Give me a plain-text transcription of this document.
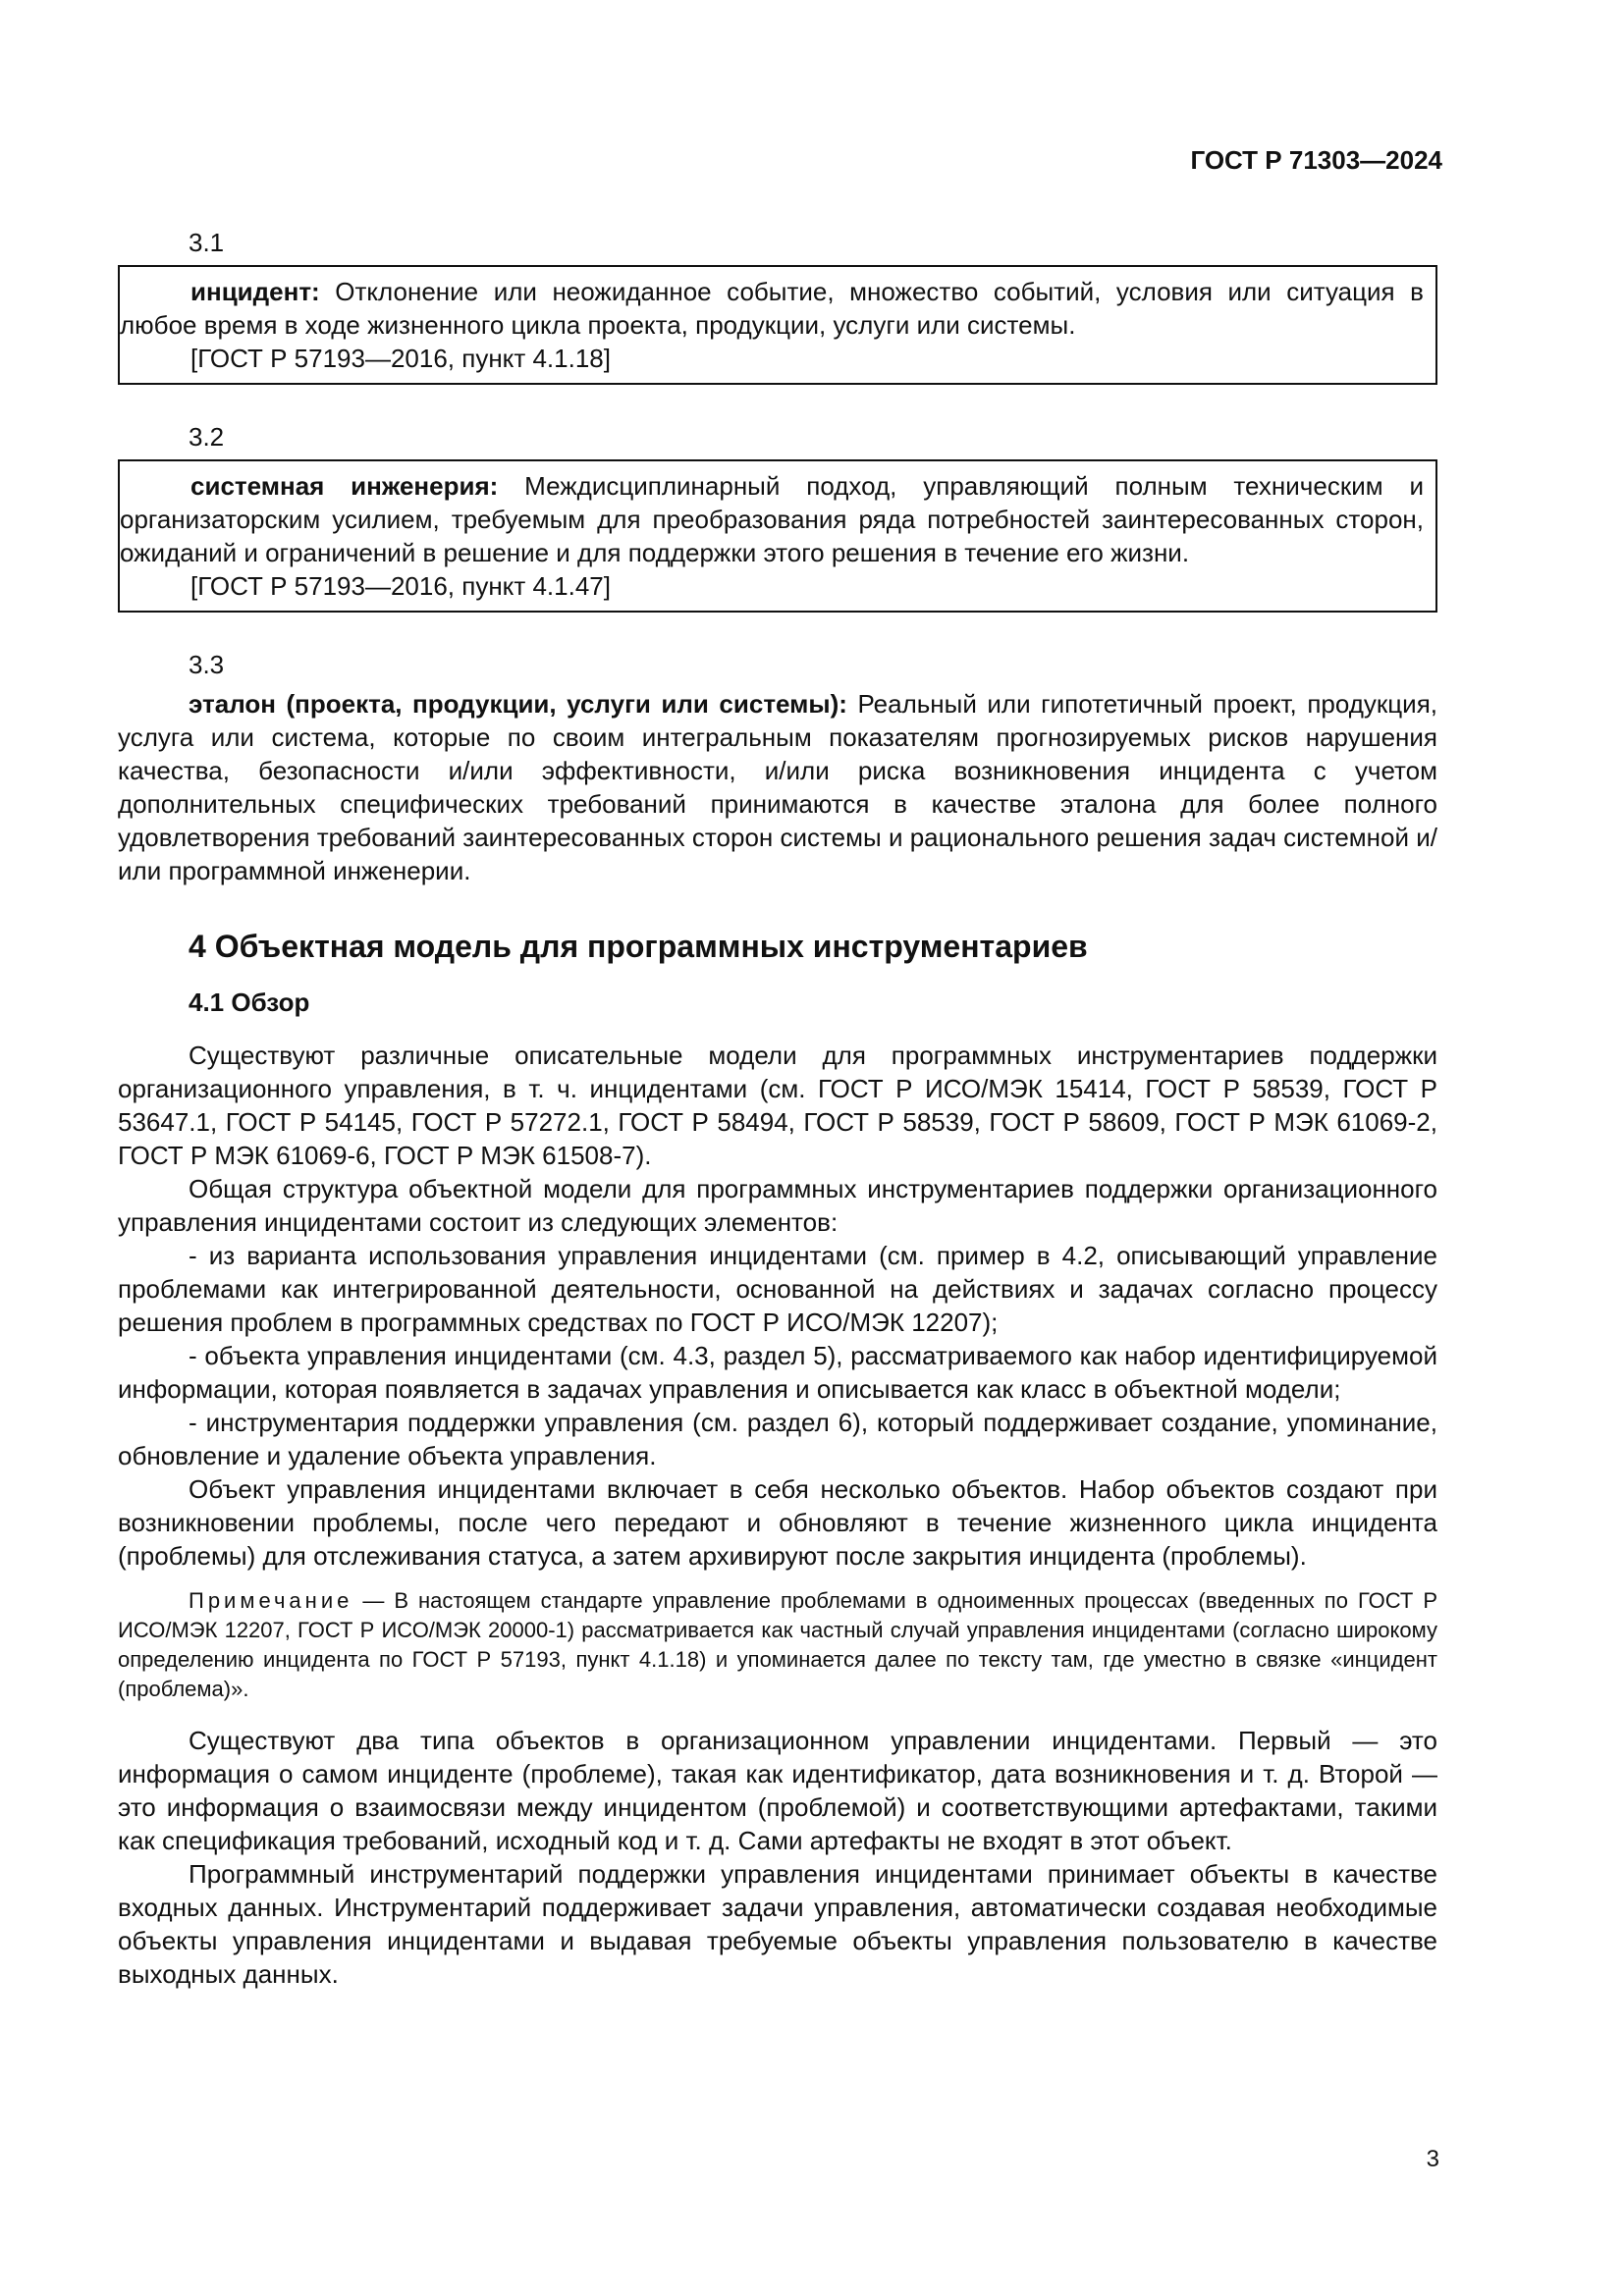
ГОСТ Р 71303—2024
3.1

инцидент: Отклонение или неожиданное событие, множество событий, условия или ситуация в любое время в ходе жизненного цикла проекта, продукции, услуги или системы.

[ГОСТ Р 57193—2016, пункт 4.1.18]

3.2

системная инженерия: Междисциплинарный подход, управляющий полным техническим и организаторским усилием, требуемым для преобразования ряда потребностей заинтересованных сторон, ожиданий и ограничений в решение и для поддержки этого решения в течение его жизни.

[ГОСТ Р 57193—2016, пункт 4.1.47]

3.3

эталон (проекта, продукции, услуги или системы): Реальный или гипотетичный проект, продукция, услуга или система, которые по своим интегральным показателям прогнозируемых рисков нарушения качества, безопасности и/или эффективности, и/или риска возникновения инцидента с учетом дополнительных специфических требований принимаются в качестве эталона для более полного удовлетворения требований заинтересованных сторон системы и рационального решения задач системной и/или программной инженерии.

4 Объектная модель для программных инструментариев
4.1 Обзор

Существуют различные описательные модели для программных инструментариев поддержки организационного управления, в т. ч. инцидентами (см. ГОСТ Р ИСО/МЭК 15414, ГОСТ Р 58539, ГОСТ Р 53647.1, ГОСТ Р 54145, ГОСТ Р 57272.1, ГОСТ Р 58494, ГОСТ Р 58539, ГОСТ Р 58609, ГОСТ Р МЭК 61069-2, ГОСТ Р МЭК 61069-6, ГОСТ Р МЭК 61508-7).

Общая структура объектной модели для программных инструментариев поддержки организационного управления инцидентами состоит из следующих элементов:

- из варианта использования управления инцидентами (см. пример в 4.2, описывающий управление проблемами как интегрированной деятельности, основанной на действиях и задачах согласно процессу решения проблем в программных средствах по ГОСТ Р ИСО/МЭК 12207);

- объекта управления инцидентами (см. 4.3, раздел 5), рассматриваемого как набор идентифицируемой информации, которая появляется в задачах управления и описывается как класс в объектной модели;

- инструментария поддержки управления (см. раздел 6), который поддерживает создание, упоминание, обновление и удаление объекта управления.

Объект управления инцидентами включает в себя несколько объектов. Набор объектов создают при возникновении проблемы, после чего передают и обновляют в течение жизненного цикла инцидента (проблемы) для отслеживания статуса, а затем архивируют после закрытия инцидента (проблемы).

Примечание — В настоящем стандарте управление проблемами в одноименных процессах (введенных по ГОСТ Р ИСО/МЭК 12207, ГОСТ Р ИСО/МЭК 20000-1) рассматривается как частный случай управления инцидентами (согласно широкому определению инцидента по ГОСТ Р 57193, пункт 4.1.18) и упоминается далее по тексту там, где уместно в связке «инцидент (проблема)».

Существуют два типа объектов в организационном управлении инцидентами. Первый — это информация о самом инциденте (проблеме), такая как идентификатор, дата возникновения и т. д. Второй — это информация о взаимосвязи между инцидентом (проблемой) и соответствующими артефактами, такими как спецификация требований, исходный код и т. д. Сами артефакты не входят в этот объект.

Программный инструментарий поддержки управления инцидентами принимает объекты в качестве входных данных. Инструментарий поддерживает задачи управления, автоматически создавая необходимые объекты управления инцидентами и выдавая требуемые объекты управления пользователю в качестве выходных данных.

3
